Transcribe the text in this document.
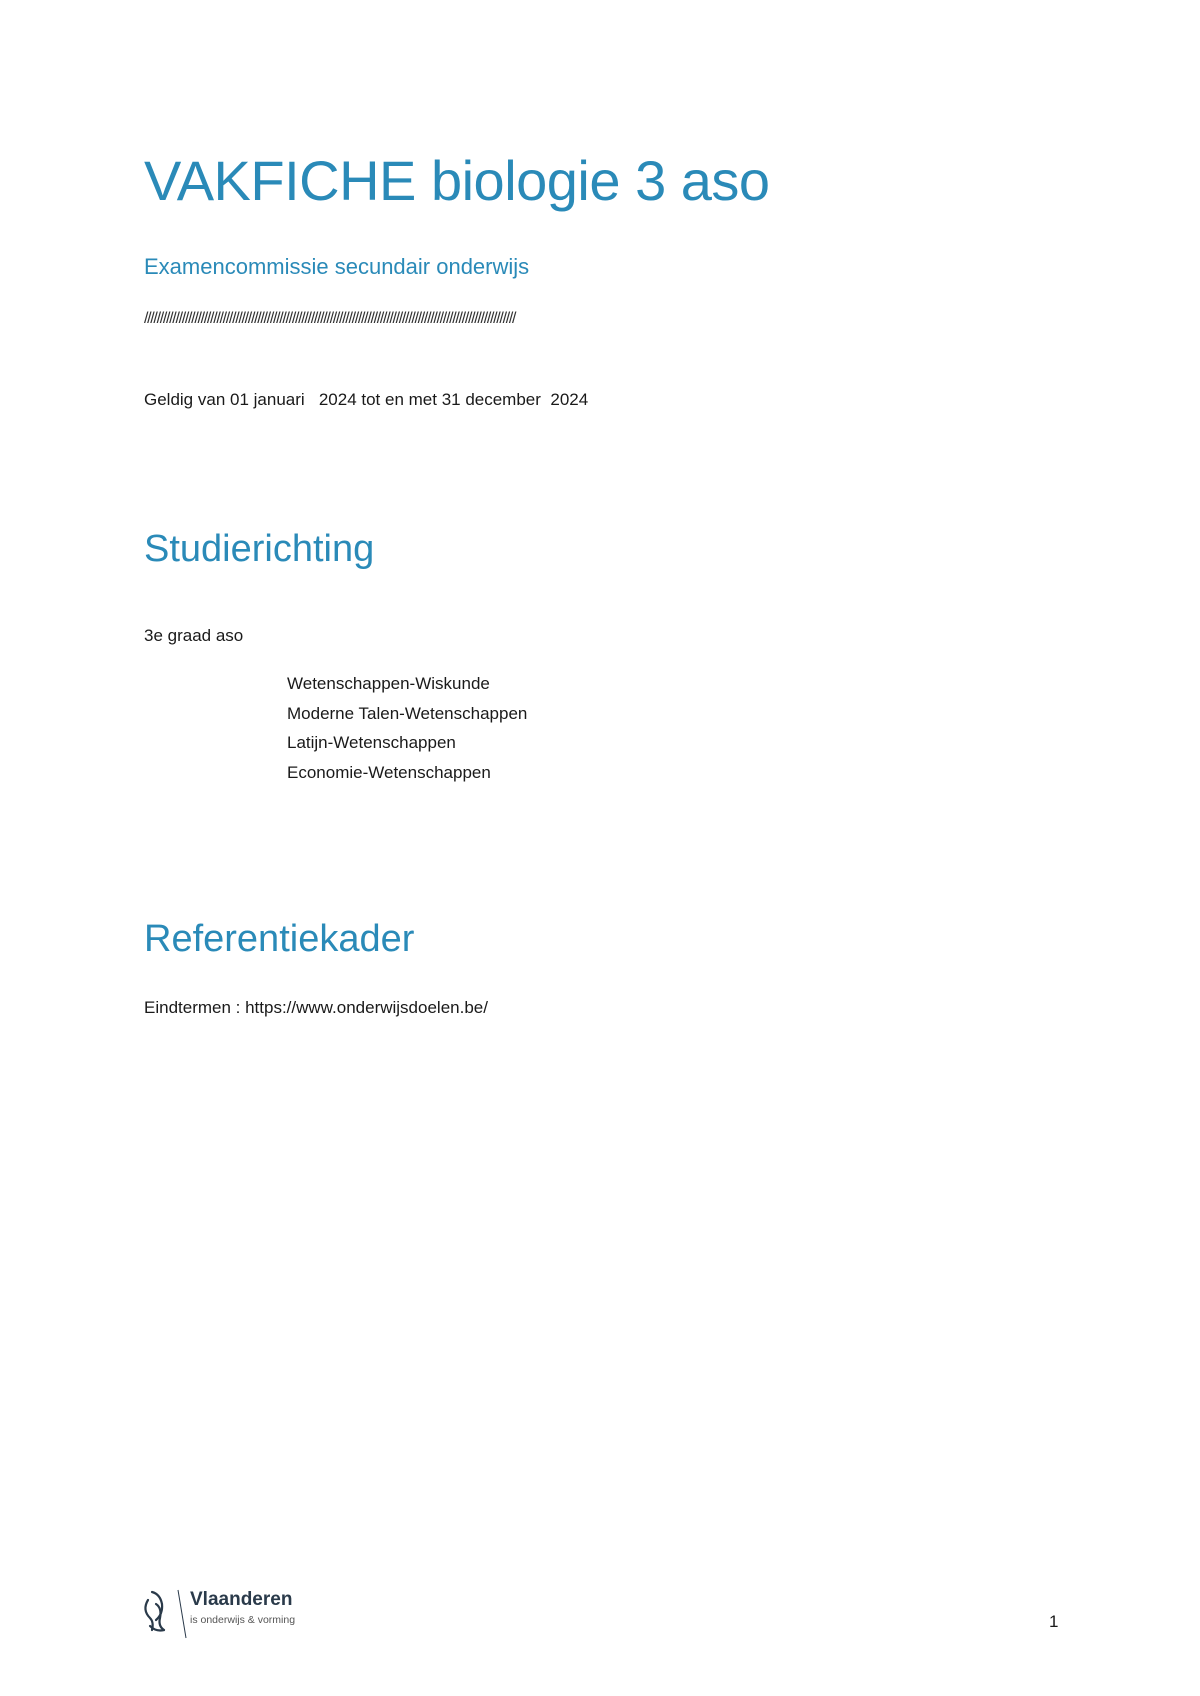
VAKFICHE biologie 3 aso
Examencommissie secundair onderwijs
//////////////////////////////////////////////////////////////////////////////////////////////////////////////////////
Geldig van 01 januari   2024 tot en met 31 december  2024
Studierichting
3e graad aso
Wetenschappen-Wiskunde
Moderne Talen-Wetenschappen
Latijn-Wetenschappen
Economie-Wetenschappen
Referentiekader
Eindtermen : https://www.onderwijsdoelen.be/
Vlaanderen
is onderwijs & vorming	1
